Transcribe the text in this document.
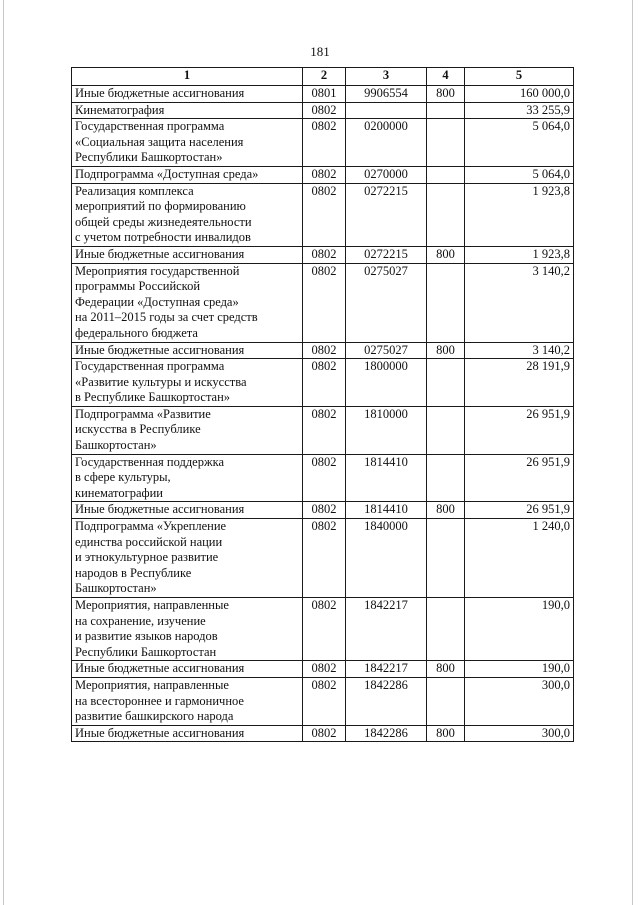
181
1	2	3	4	5
Иные бюджетные ассигнования	0801	9906554	800	160 000,0
Кинематография	0802			33 255,9
Государственная программа
«Социальная защита населения
Республики Башкортостан»	0802	0200000		5 064,0
Подпрограмма «Доступная среда»	0802	0270000		5 064,0
Реализация комплекса
мероприятий по формированию
общей среды жизнедеятельности
с учетом потребности инвалидов	0802	0272215		1 923,8
Иные бюджетные ассигнования	0802	0272215	800	1 923,8
Мероприятия государственной
программы Российской
Федерации «Доступная среда»
на 2011–2015 годы за счет средств
федерального бюджета	0802	0275027		3 140,2
Иные бюджетные ассигнования	0802	0275027	800	3 140,2
Государственная программа
«Развитие культуры и искусства
в Республике Башкортостан»	0802	1800000		28 191,9
Подпрограмма «Развитие
искусства в Республике
Башкортостан»	0802	1810000		26 951,9
Государственная поддержка
в сфере культуры,
кинематографии	0802	1814410		26 951,9
Иные бюджетные ассигнования	0802	1814410	800	26 951,9
Подпрограмма «Укрепление
единства российской нации
и этнокультурное развитие
народов в Республике
Башкортостан»	0802	1840000		1 240,0
Мероприятия, направленные
на сохранение, изучение
и развитие языков народов
Республики Башкортостан	0802	1842217		190,0
Иные бюджетные ассигнования	0802	1842217	800	190,0
Мероприятия, направленные
на всестороннее и гармоничное
развитие башкирского народа	0802	1842286		300,0
Иные бюджетные ассигнования	0802	1842286	800	300,0
